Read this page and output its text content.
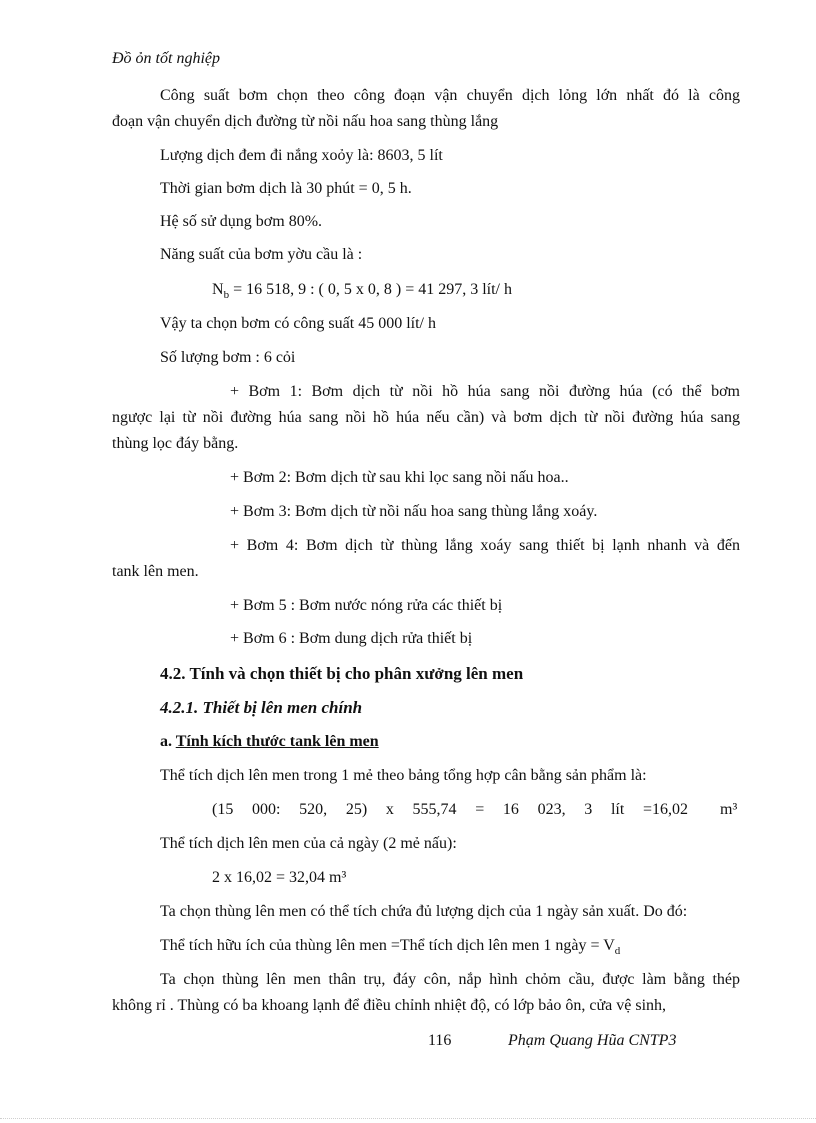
Đồ ỏn tốt nghiệp
Công suất bơm chọn theo công đoạn vận chuyển dịch lỏng lớn nhất đó là công
đoạn vận chuyển dịch đường từ nồi nấu hoa sang thùng lắng
Lượng dịch đem đi nắng xoỏy là: 8603, 5 lít
Thời gian bơm dịch là 30 phút = 0, 5 h.
Hệ số sử dụng bơm 80%.
Năng suất của bơm yờu cầu là :
$N_b = 16$ 518, 9 : ( 0, 5 x 0, 8 ) = 41 297, 3 lít/ h
Vậy ta chọn bơm có công suất 45 000 lít/ h
Số lượng bơm : 6 cỏi
+ Bơm 1: Bơm dịch từ nồi hồ húa sang nồi đường húa (có thể bơm
ngược lại từ nồi đường húa sang nồi hồ húa nếu cần) và bơm dịch từ nồi đường húa sang
thùng lọc đáy bằng.
+ Bơm 2: Bơm dịch từ sau khi lọc sang nồi nấu hoa..
+ Bơm 3: Bơm dịch từ nồi nấu hoa sang thùng lắng xoáy.
+ Bơm 4: Bơm dịch từ thùng lắng xoáy sang thiết bị lạnh nhanh và đến
tank lên men.
+ Bơm 5 : Bơm nước nóng rửa các thiết bị
+ Bơm 6 : Bơm dung dịch rửa thiết bị
4.2. Tính và chọn thiết bị cho phân xưởng lên men
4.2.1. Thiết bị lên men chính
a. Tính kích thước tank lên men
Thể tích dịch lên men trong 1 mẻ theo bảng tổng hợp cân bằng sản phẩm là:
(15 000: 520, 25) x 555,74 = 16 023, 3 lít =16,02 m³
Thể tích dịch lên men của cả ngày (2 mẻ nấu):
2 x 16,02 = 32,04 m³
Ta chọn thùng lên men có thể tích chứa đủ lượng dịch của 1 ngày sản xuất. Do đó:
Thể tích hữu ích của thùng lên men =Thể tích dịch lên men 1 ngày = $V_d$
Ta chọn thùng lên men thân trụ, đáy côn, nắp hình chỏm cầu, được làm bằng thép
không rỉ . Thùng có ba khoang lạnh để điều chỉnh nhiệt độ, có lớp bảo ôn, cửa vệ sinh,
116	Phạm Quang Hũa CNTP3
